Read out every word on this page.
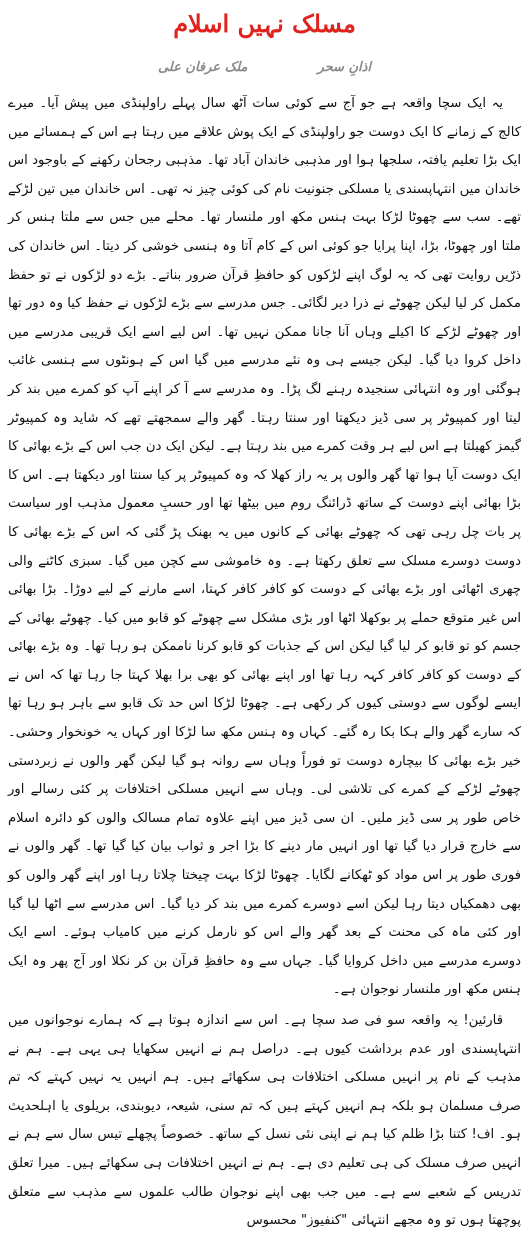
مسلک نہیں اسلام
اذانِ سحر
ملک عرفان علی

یہ ایک سچا واقعہ ہے جو آج سے کوئی سات آٹھ سال پہلے راولپنڈی میں پیش آیا۔ میرے کالج کے زمانے کا ایک دوست جو راولپنڈی کے ایک پوش علاقے میں رہتا ہے اس کے ہمسائے میں ایک بڑا تعلیم یافتہ، سلجھا ہوا اور مذہبی خاندان آباد تھا۔ مذہبی رجحان رکھنے کے باوجود اس خاندان میں انتہاپسندی یا مسلکی جنونیت نام کی کوئی چیز نہ تھی۔ اس خاندان میں تین لڑکے تھے۔ سب سے چھوٹا لڑکا بہت ہنس مکھ اور ملنسار تھا۔ محلے میں جس سے ملتا ہنس کر ملتا اور چھوٹا، بڑا، اپنا پرایا جو کوئی اس کے کام آتا وہ ہنسی خوشی کر دیتا۔ اس خاندان کی ذرّیں روایت تھی کہ یہ لوگ اپنے لڑکوں کو حافظِ قرآن ضرور بناتے۔ بڑے دو لڑکوں نے تو حفظ مکمل کر لیا لیکن چھوٹے نے ذرا دیر لگائی۔ جس مدرسے سے بڑے لڑکوں نے حفظ کیا وہ دور تھا اور چھوٹے لڑکے کا اکیلے وہاں آنا جانا ممکن نہیں تھا۔ اس لیے اسے ایک قریبی مدرسے میں داخل کروا دیا گیا۔ لیکن جیسے ہی وہ نئے مدرسے میں گیا اس کے ہونٹوں سے ہنسی غائب ہوگئی اور وہ انتہائی سنجیدہ رہنے لگ پڑا۔ وہ مدرسے سے آ کر اپنے آپ کو کمرے میں بند کر لیتا اور کمپیوٹر پر سی ڈیز دیکھتا اور سنتا رہتا۔ گھر والے سمجھتے تھے کہ شاید وہ کمپیوٹر گیمز کھیلتا ہے اس لیے ہر وقت کمرے میں بند رہتا ہے۔ لیکن ایک دن جب اس کے بڑے بھائی کا ایک دوست آیا ہوا تھا گھر والوں پر یہ راز کھلا کہ وہ کمپیوٹر پر کیا سنتا اور دیکھتا ہے۔ اس کا بڑا بھائی اپنے دوست کے ساتھ ڈرائنگ روم میں بیٹھا تھا اور حسبِ معمول مذہب اور سیاست پر بات چل رہی تھی کہ چھوٹے بھائی کے کانوں میں یہ بھنک پڑ گئی کہ اس کے بڑے بھائی کا دوست دوسرے مسلک سے تعلق رکھتا ہے۔ وہ خاموشی سے کچن میں گیا۔ سبزی کاٹنے والی چھری اٹھائی اور بڑے بھائی کے دوست کو کافر کافر کہتا، اسے مارنے کے لیے دوڑا۔ بڑا بھائی اس غیر متوقع حملے پر بوکھلا اٹھا اور بڑی مشکل سے چھوٹے کو قابو میں کیا۔ چھوٹے بھائی کے جسم کو تو قابو کر لیا گیا لیکن اس کے جذبات کو قابو کرنا ناممکن ہو رہا تھا۔ وہ بڑے بھائی کے دوست کو کافر کافر کہہ رہا تھا اور اپنے بھائی کو بھی برا بھلا کہتا جا رہا تھا کہ اس نے ایسے لوگوں سے دوستی کیوں کر رکھی ہے۔ چھوٹا لڑکا اس حد تک قابو سے باہر ہو رہا تھا کہ سارے گھر والے ہکا بکا رہ گئے۔ کہاں وہ ہنس مکھ سا لڑکا اور کہاں یہ خونخوار وحشی۔ خیر بڑے بھائی کا بیچارہ دوست تو فوراً وہاں سے روانہ ہو گیا لیکن گھر والوں نے زبردستی چھوٹے لڑکے کے کمرے کی تلاشی لی۔ وہاں سے انہیں مسلکی اختلافات پر کئی رسالے اور خاص طور پر سی ڈیز ملیں۔ ان سی ڈیز میں اپنے علاوہ تمام مسالک والوں کو دائرہ اسلام سے خارج قرار دیا گیا تھا اور انہیں مار دینے کا بڑا اجر و ثواب بیان کیا گیا تھا۔ گھر والوں نے فوری طور پر اس مواد کو ٹھکانے لگایا۔ چھوٹا لڑکا بہت چیختا چلاتا رہا اور اپنے گھر والوں کو بھی دھمکیاں دیتا رہا لیکن اسے دوسرے کمرے میں بند کر دیا گیا۔ اس مدرسے سے اٹھا لیا گیا اور کئی ماہ کی محنت کے بعد گھر والے اس کو نارمل کرنے میں کامیاب ہوئے۔ اسے ایک دوسرے مدرسے میں داخل کروایا گیا۔ جہاں سے وہ حافظِ قرآن بن کر نکلا اور آج پھر وہ ایک ہنس مکھ اور ملنسار نوجوان ہے۔

قارئین! یہ واقعہ سو فی صد سچا ہے۔ اس سے اندازہ ہوتا ہے کہ ہمارے نوجوانوں میں انتہاپسندی اور عدم برداشت کیوں ہے۔ دراصل ہم نے انہیں سکھایا ہی یہی ہے۔ ہم نے مذہب کے نام پر انہیں مسلکی اختلافات ہی سکھائے ہیں۔ ہم انہیں یہ نہیں کہتے کہ تم صرف مسلمان ہو بلکہ ہم انہیں کہتے ہیں کہ تم سنی، شیعہ، دیوبندی، بریلوی یا اہلحدیث ہو۔ اف! کتنا بڑا ظلم کیا ہم نے اپنی نئی نسل کے ساتھ۔ خصوصاً پچھلے تیس سال سے ہم نے انہیں صرف مسلک کی ہی تعلیم دی ہے۔ ہم نے انہیں اختلافات ہی سکھائے ہیں۔ میرا تعلق تدریس کے شعبے سے ہے۔ میں جب بھی اپنے نوجوان طالب علموں سے مذہب سے متعلق پوچھتا ہوں تو وہ مجھے انتہائی "کنفیوز" محسوس
